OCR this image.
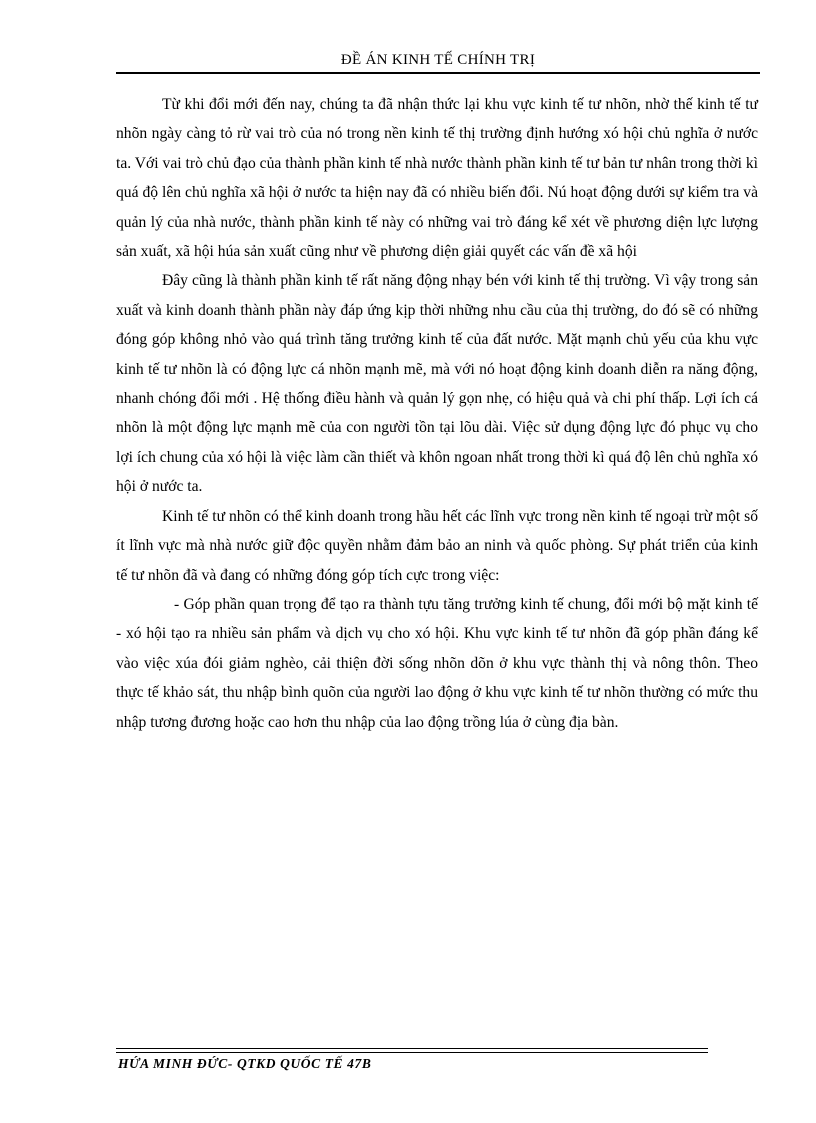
ĐỀ ÁN KINH TẾ CHÍNH TRỊ

Từ khi đổi mới đến nay, chúng ta đã nhận thức lại khu vực kinh tế tư nhõn, nhờ thế kinh tế tư nhõn ngày càng tỏ rừ vai trò của nó trong nền kinh tế thị trường định hướng xó hội chủ nghĩa ở nước ta. Với vai trò chủ đạo của thành phần kinh tế nhà nước thành phần kinh tế tư bản tư nhân trong thời kì quá độ lên chủ nghĩa xã hội ở nước ta hiện nay đã có nhiều biến đổi. Nú hoạt động dưới sự kiểm tra và quản lý của nhà nước, thành phần kinh tế này có những vai trò đáng kể xét về phương diện lực lượng sản xuất, xã hội húa sản xuất cũng như về phương diện giải quyết các vấn đề xã hội

Đây cũng là thành phần kinh tế rất năng động nhạy bén với kinh tế thị trường. Vì vậy trong sản xuất và kinh doanh thành phần này đáp ứng kịp thời những nhu cầu của thị trường, do đó sẽ có những đóng góp không nhỏ vào quá trình tăng trưởng kinh tế của đất nước. Mặt mạnh chủ yếu của khu vực kinh tế tư nhõn là có động lực cá nhõn mạnh mẽ, mà với nó hoạt động kinh doanh diễn ra năng động, nhanh chóng đổi mới . Hệ thống điều hành và quản lý gọn nhẹ, có hiệu quả và chi phí thấp. Lợi ích cá nhõn là một động lực mạnh mẽ của con người tồn tại lõu dài. Việc sử dụng động lực đó phục vụ cho lợi ích chung của xó hội là việc làm cần thiết và khôn ngoan nhất trong thời kì quá độ lên chủ nghĩa xó hội ở nước ta.

Kinh tế tư nhõn có thể kinh doanh trong hầu hết các lĩnh vực trong nền kinh tế ngoại trừ một số ít lĩnh vực mà nhà nước giữ độc quyền nhằm đảm bảo an ninh và quốc phòng. Sự phát triển của kinh tế tư nhõn đã và đang có những đóng góp tích cực trong việc:

- Góp phần quan trọng để tạo ra thành tựu tăng trưởng kinh tế chung, đổi mới bộ mặt kinh tế - xó hội tạo ra nhiều sản phẩm và dịch vụ cho xó hội. Khu vực kinh tế tư nhõn đã góp phần đáng kể vào việc xúa đói giảm nghèo, cải thiện đời sống nhõn dõn ở khu vực thành thị và nông thôn. Theo thực tế khảo sát, thu nhập bình quõn của người lao động ở khu vực kinh tế tư nhõn thường có mức thu nhập tương đương hoặc cao hơn thu nhập của lao động trồng lúa ở cùng địa bàn.

HỨA MINH ĐỨC- QTKD QUỐC TẾ 47B
